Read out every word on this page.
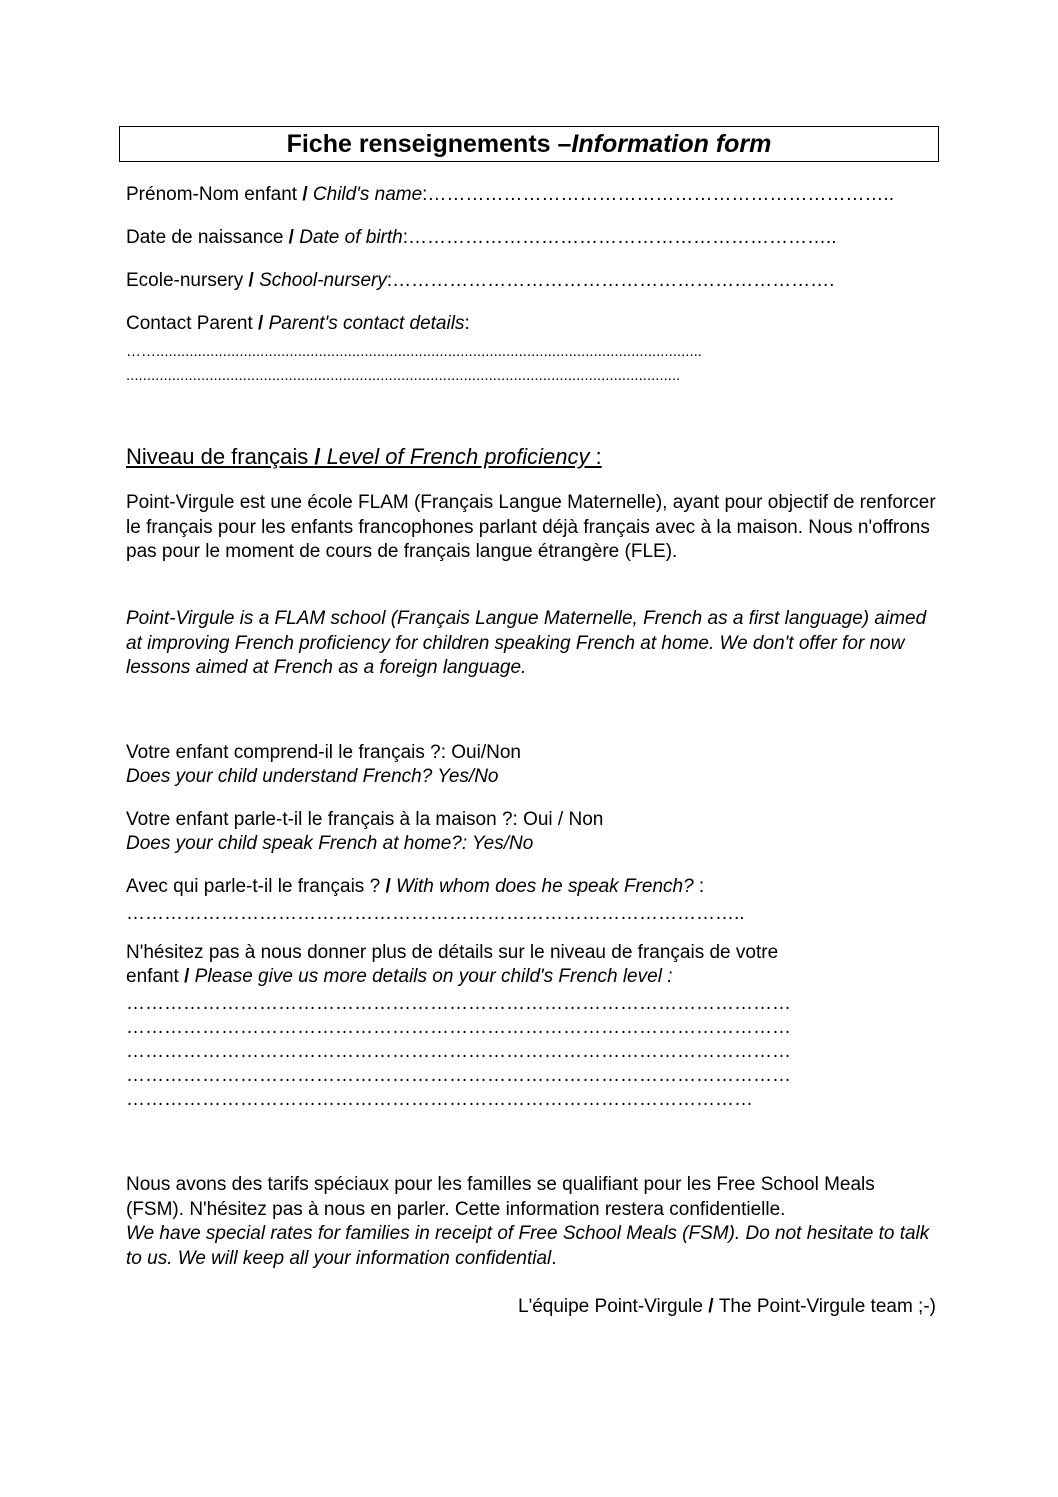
Fiche renseignements – Information form
Prénom-Nom enfant / Child's name:………………………………………………………………..
Date de naissance / Date of birth:…………………………………………………………..
Ecole-nursery / School-nursery:…………………………………………………………….
Contact Parent / Parent's contact details:
……...................................................................................................................................
.....................................................................................................................................
Niveau de français / Level of French proficiency :

Point-Virgule est une école FLAM (Français Langue Maternelle), ayant pour objectif de renforcer le français pour les enfants francophones parlant déjà français avec à la maison. Nous n'offrons pas pour le moment de cours de français langue étrangère (FLE).

Point-Virgule is a FLAM school (Français Langue Maternelle, French as a first language) aimed at improving French proficiency for children speaking French at home. We don't offer for now lessons aimed at French as a foreign language.

Votre enfant comprend-il le français ?: Oui/Non
Does your child understand French? Yes/No
Votre enfant parle-t-il le français à la maison ?: Oui / Non
Does your child speak French at home?: Yes/No
Avec qui parle-t-il le français ? / With whom does he speak French? :
……………………………………………………………………………………..
N'hésitez pas à nous donner plus de détails sur le niveau de français de votre
enfant / Please give us more details on your child's French level :
……………………………………………………………………………………………
……………………………………………………………………………………………
……………………………………………………………………………………………
……………………………………………………………………………………………
………………………………………………………………………………………

Nous avons des tarifs spéciaux pour les familles se qualifiant pour les Free School Meals (FSM). N'hésitez pas à nous en parler. Cette information restera confidentielle.

We have special rates for families in receipt of Free School Meals (FSM). Do not hesitate to talk to us. We will keep all your information confidential.

L'équipe Point-Virgule / The Point-Virgule team ;-)
